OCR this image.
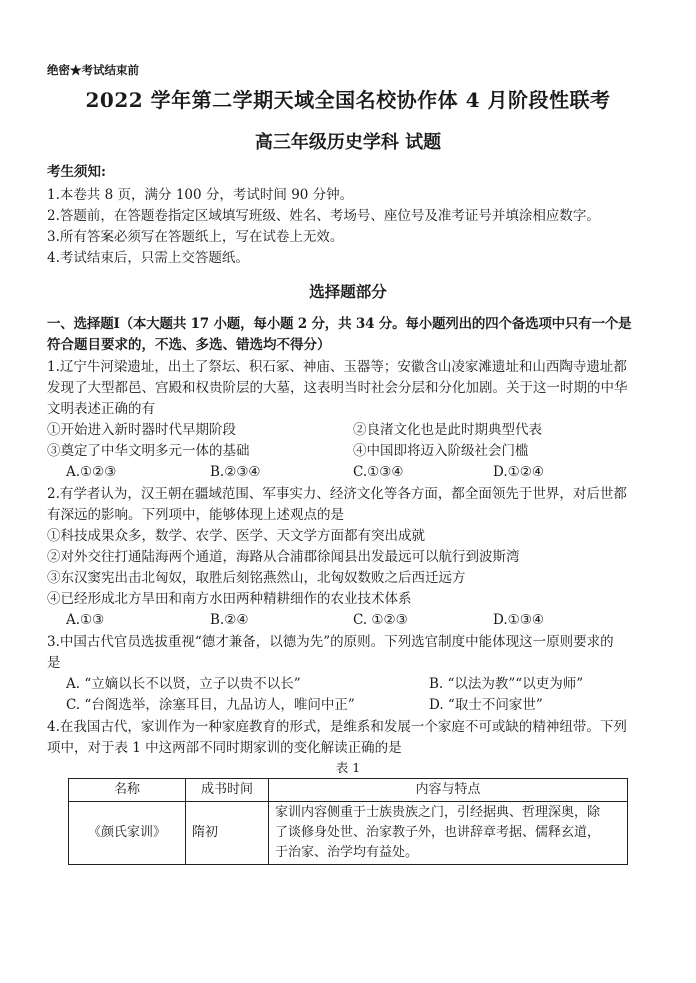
绝密★考试结束前
2022 学年第二学期天域全国名校协作体 4 月阶段性联考
高三年级历史学科 试题
考生须知:
1.本卷共 8 页，满分 100 分，考试时间 90 分钟。
2.答题前，在答题卷指定区域填写班级、姓名、考场号、座位号及准考证号并填涂相应数字。
3.所有答案必须写在答题纸上，写在试卷上无效。
4.考试结束后，只需上交答题纸。
选择题部分
一、选择题Ⅰ（本大题共 17 小题，每小题 2 分，共 34 分。每小题列出的四个备选项中只有一个是
符合题目要求的，不选、多选、错选均不得分）
1.辽宁牛河梁遗址，出土了祭坛、积石冢、神庙、玉器等；安徽含山凌家滩遗址和山西陶寺遗址都
发现了大型都邑、宫殿和权贵阶层的大墓，这表明当时社会分层和分化加剧。关于这一时期的中华
文明表述正确的有
①开始进入新时器时代早期阶段	②良渚文化也是此时期典型代表
③奠定了中华文明多元一体的基础	④中国即将迈入阶级社会门槛
A.①②③	B.②③④	C.①③④	D.①②④
2.有学者认为，汉王朝在疆域范围、军事实力、经济文化等各方面，都全面领先于世界，对后世都
有深远的影响。下列项中，能够体现上述观点的是
①科技成果众多，数学、农学、医学、天文学方面都有突出成就
②对外交往打通陆海两个通道，海路从合浦郡徐闻县出发最远可以航行到波斯湾
③东汉窦宪出击北匈奴，取胜后刻铭燕然山，北匈奴数败之后西迁远方
④已经形成北方旱田和南方水田两种精耕细作的农业技术体系
A.①③	B.②④	C. ①②③	D.①③④
3.中国古代官员选拔重视“德才兼备，以德为先”的原则。下列选官制度中能体现这一原则要求的
是
A. “立嫡以长不以贤，立子以贵不以长”	B. “以法为教”“以吏为师”
C. “台阁选举，涂塞耳目，九品访人，唯问中正”	D. “取士不问家世”
4.在我国古代，家训作为一种家庭教育的形式，是维系和发展一个家庭不可或缺的精神纽带。下列
项中，对于表 1 中这两部不同时期家训的变化解读正确的是
表 1
名称	成书时间	内容与特点
《颜氏家训》	隋初	家训内容侧重于士族贵族之门，引经据典、哲理深奥，除
了谈修身处世、治家教子外，也讲辞章考据、儒释玄道，
于治家、治学均有益处。
